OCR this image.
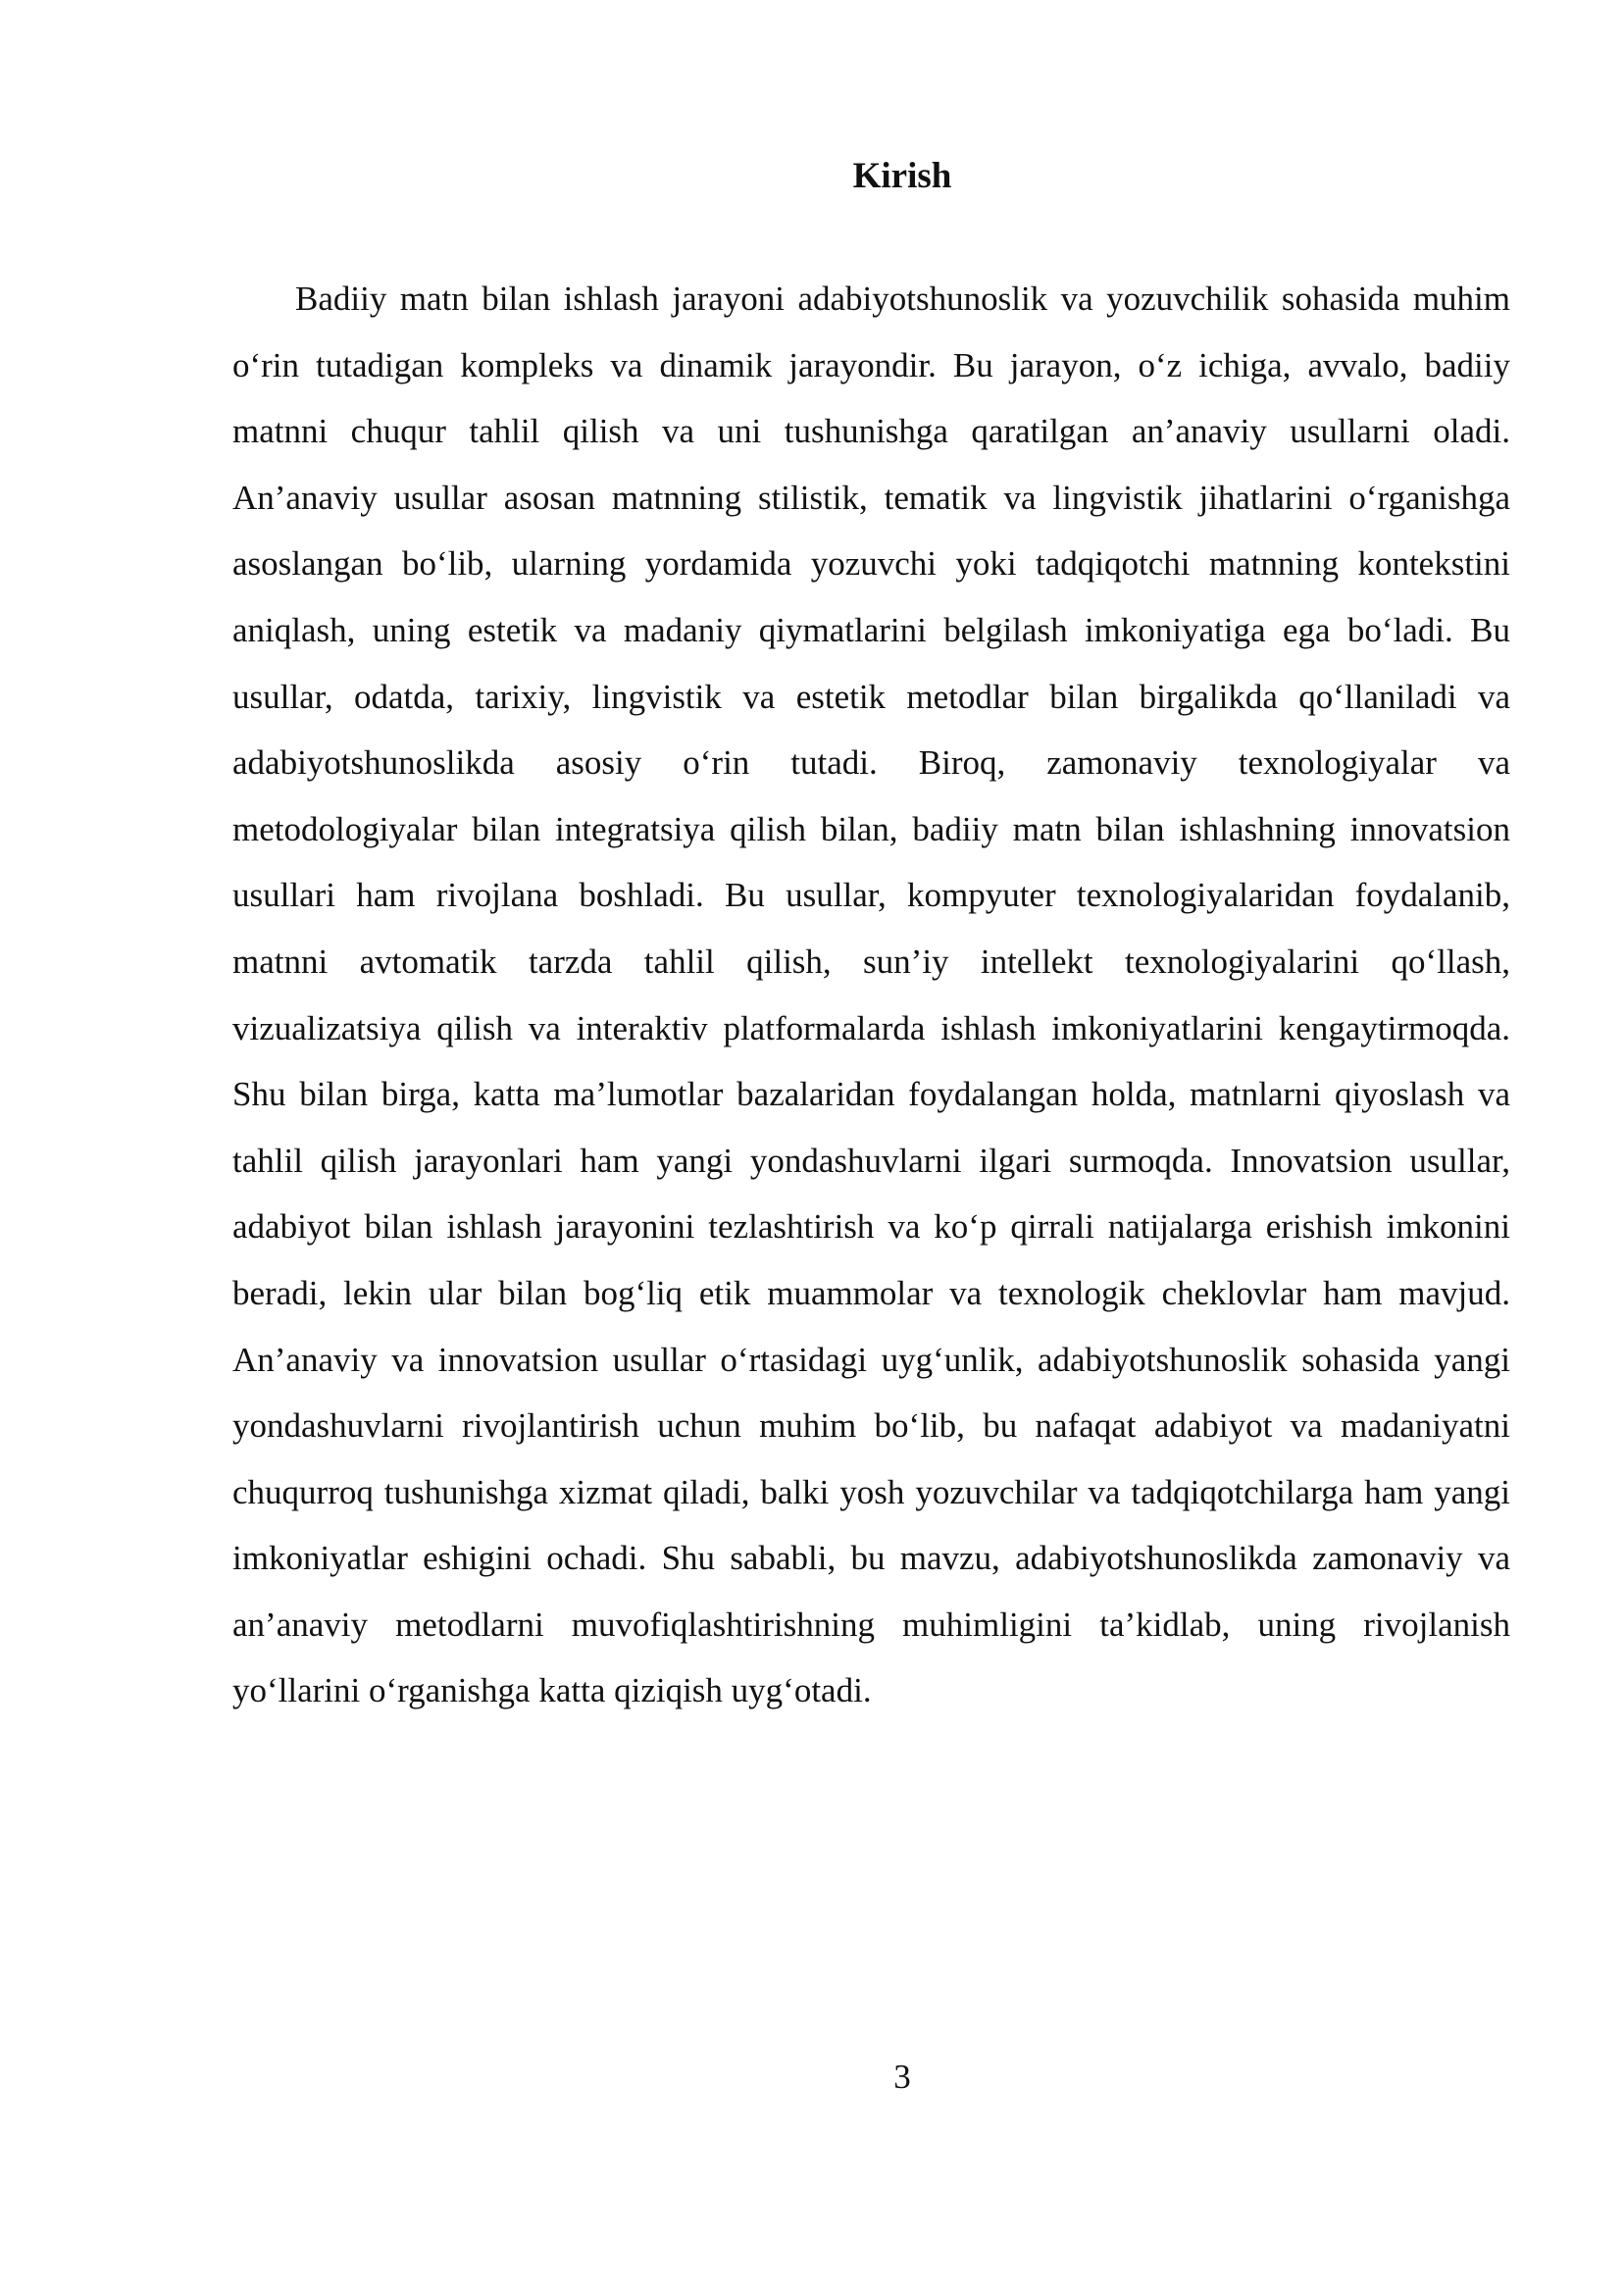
Kirish

Badiiy matn bilan ishlash jarayoni adabiyotshunoslik va yozuvchilik sohasida muhim o‘rin tutadigan kompleks va dinamik jarayondir. Bu jarayon, o‘z ichiga, avvalo, badiiy matnni chuqur tahlil qilish va uni tushunishga qaratilgan an’anaviy usullarni oladi. An’anaviy usullar asosan matnning stilistik, tematik va lingvistik jihatlarini o‘rganishga asoslangan bo‘lib, ularning yordamida yozuvchi yoki tadqiqotchi matnning kontekstini aniqlash, uning estetik va madaniy qiymatlarini belgilash imkoniyatiga ega bo‘ladi. Bu usullar, odatda, tarixiy, lingvistik va estetik metodlar bilan birgalikda qo‘llaniladi va adabiyotshunoslikda asosiy o‘rin tutadi. Biroq, zamonaviy texnologiyalar va metodologiyalar bilan integratsiya qilish bilan, badiiy matn bilan ishlashning innovatsion usullari ham rivojlana boshladi. Bu usullar, kompyuter texnologiyalaridan foydalanib, matnni avtomatik tarzda tahlil qilish, sun’iy intellekt texnologiyalarini qo‘llash, vizualizatsiya qilish va interaktiv platformalarda ishlash imkoniyatlarini kengaytirmoqda. Shu bilan birga, katta ma’lumotlar bazalaridan foydalangan holda, matnlarni qiyoslash va tahlil qilish jarayonlari ham yangi yondashuvlarni ilgari surmoqda. Innovatsion usullar, adabiyot bilan ishlash jarayonini tezlashtirish va ko‘p qirrali natijalarga erishish imkonini beradi, lekin ular bilan bog‘liq etik muammolar va texnologik cheklovlar ham mavjud. An’anaviy va innovatsion usullar o‘rtasidagi uyg‘unlik, adabiyotshunoslik sohasida yangi yondashuvlarni rivojlantirish uchun muhim bo‘lib, bu nafaqat adabiyot va madaniyatni chuqurroq tushunishga xizmat qiladi, balki yosh yozuvchilar va tadqiqotchilarga ham yangi imkoniyatlar eshigini ochadi. Shu sababli, bu mavzu, adabiyotshunoslikda zamonaviy va an’anaviy metodlarni muvofiqlashtirishning muhimligini ta’kidlab, uning rivojlanish yo‘llarini o‘rganishga katta qiziqish uyg‘otadi.

3
